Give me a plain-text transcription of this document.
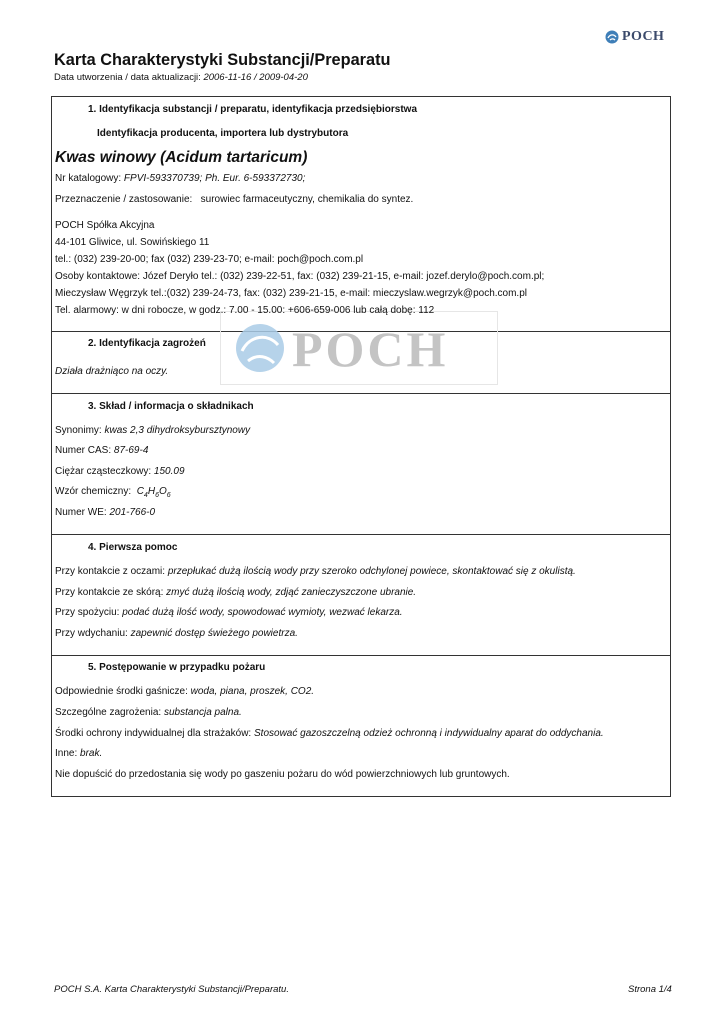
POCH
Karta Charakterystyki Substancji/Preparatu
Data utworzenia / data aktualizacji: 2006-11-16 / 2009-04-20
POCH
1. Identyfikacja substancji / preparatu, identyfikacja przedsiębiorstwa
Identyfikacja producenta, importera lub dystrybutora
Kwas winowy (Acidum tartaricum)
Nr katalogowy: FPVI-593370739; Ph. Eur. 6-593372730;
Przeznaczenie / zastosowanie: surowiec farmaceutyczny, chemikalia do syntez.
POCH Spółka Akcyjna
44-101 Gliwice, ul. Sowińskiego 11
tel.: (032) 239-20-00; fax (032) 239-23-70; e-mail: poch@poch.com.pl
Osoby kontaktowe: Józef Deryło tel.: (032) 239-22-51, fax: (032) 239-21-15, e-mail: jozef.derylo@poch.com.pl;
Mieczysław Węgrzyk tel.:(032) 239-24-73, fax: (032) 239-21-15, e-mail: mieczyslaw.wegrzyk@poch.com.pl
Tel. alarmowy: w dni robocze, w godz.: 7.00 - 15.00: +606-659-006 lub całą dobę: 112
2. Identyfikacja zagrożeń
Działa drażniąco na oczy.
3. Skład / informacja o składnikach
Synonimy: kwas 2,3 dihydroksybursztynowy
Numer CAS: 87-69-4
Ciężar cząsteczkowy: 150.09
Wzór chemiczny: $C_4H_6O_6$
Numer WE: 201-766-0
4. Pierwsza pomoc
Przy kontakcie z oczami: przepłukać dużą ilością wody przy szeroko odchylonej powiece, skontaktować się z okulistą.
Przy kontakcie ze skórą: zmyć dużą ilością wody, zdjąć zanieczyszczone ubranie.
Przy spożyciu: podać dużą ilość wody, spowodować wymioty, wezwać lekarza.
Przy wdychaniu: zapewnić dostęp świeżego powietrza.
5. Postępowanie w przypadku pożaru
Odpowiednie środki gaśnicze: woda, piana, proszek, CO2.
Szczególne zagrożenia: substancja palna.
Środki ochrony indywidualnej dla strażaków: Stosować gazoszczelną odzież ochronną i indywidualny aparat do oddychania.
Inne: brak.
Nie dopuścić do przedostania się wody po gaszeniu pożaru do wód powierzchniowych lub gruntowych.
POCH S.A. Karta Charakterystyki Substancji/Preparatu.	Strona 1/4
